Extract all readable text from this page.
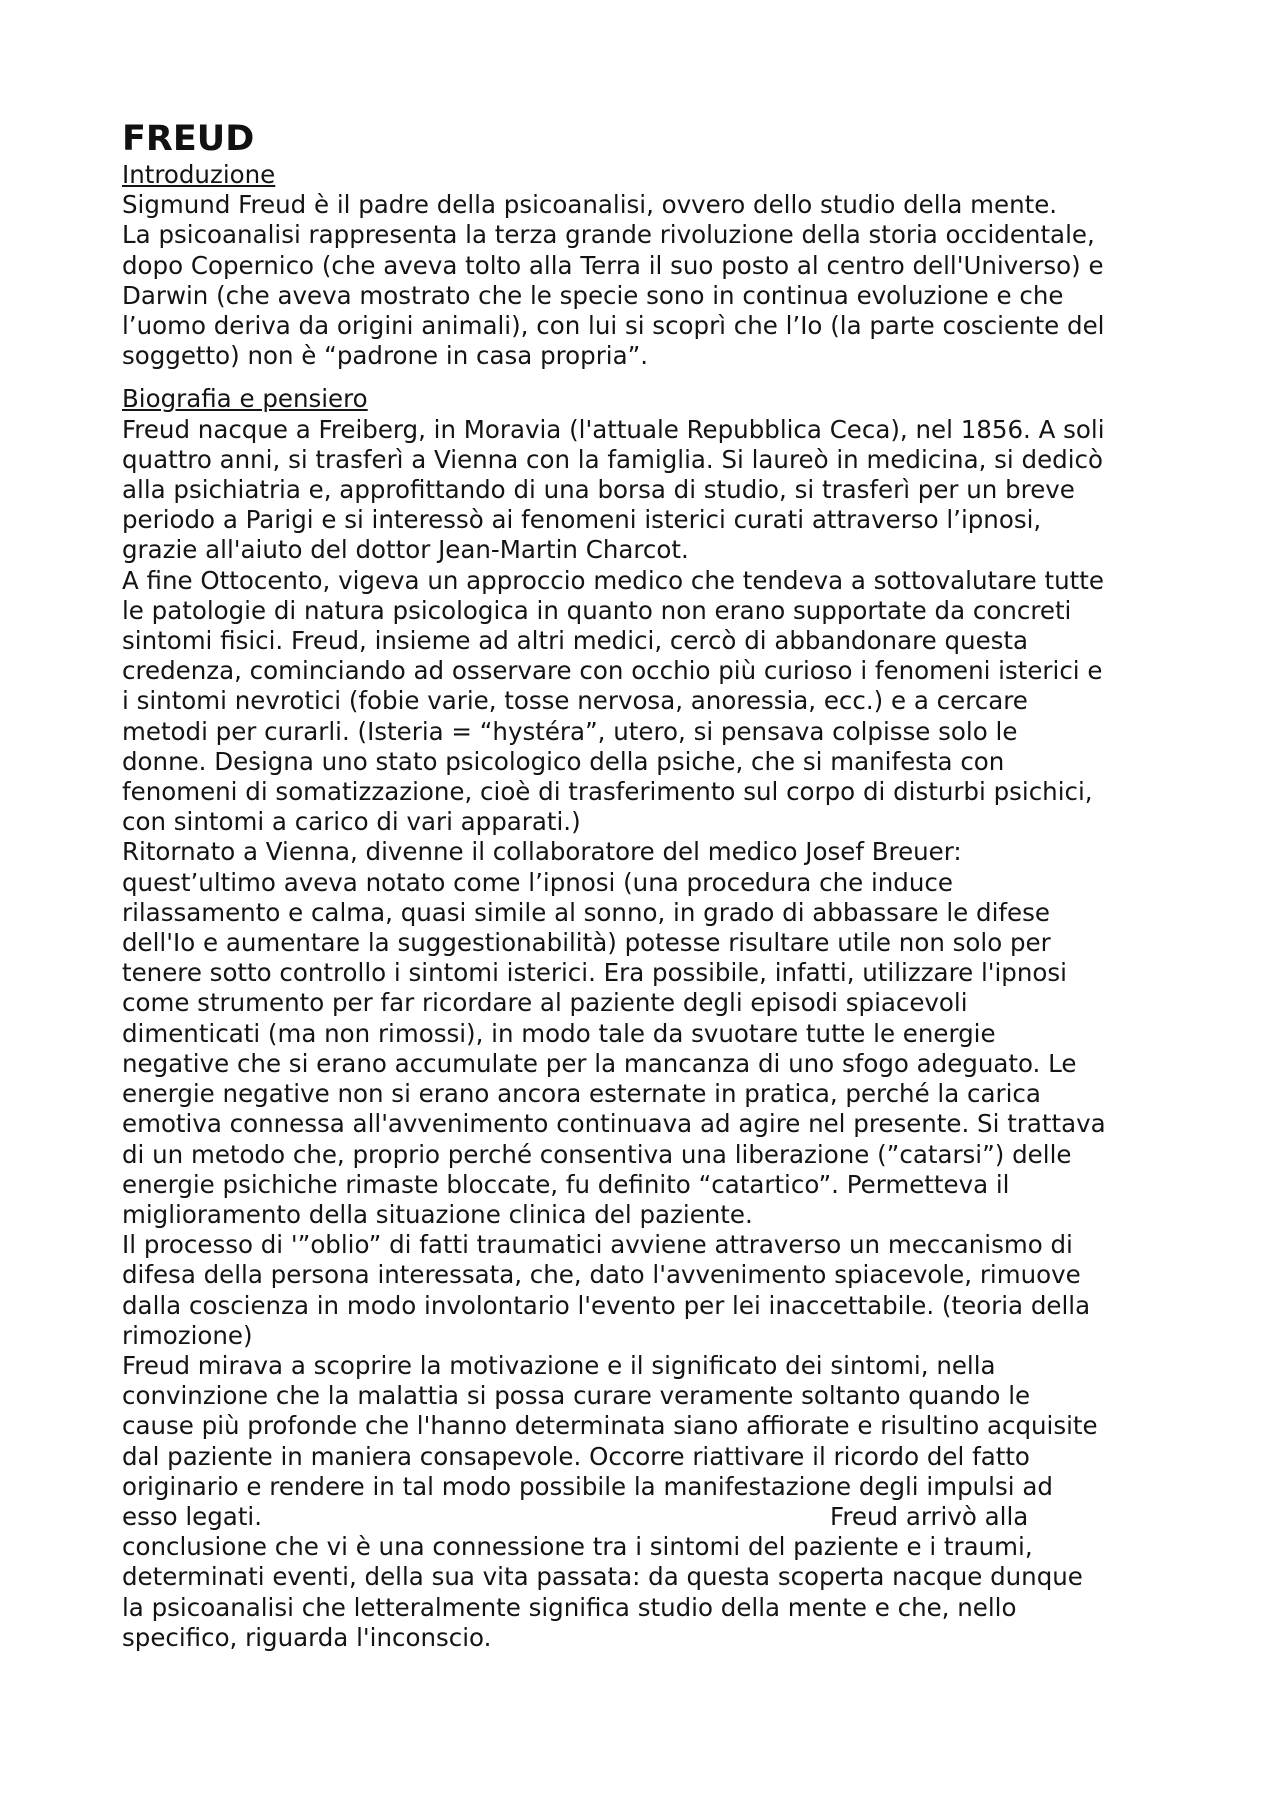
FREUD
Introduzione
Sigmund Freud è il padre della psicoanalisi, ovvero dello studio della mente.
La psicoanalisi rappresenta la terza grande rivoluzione della storia occidentale,
dopo Copernico (che aveva tolto alla Terra il suo posto al centro dell'Universo) e
Darwin (che aveva mostrato che le specie sono in continua evoluzione e che
l’uomo deriva da origini animali), con lui si scoprì che l’Io (la parte cosciente del
soggetto) non è “padrone in casa propria”.
Biografia e pensiero
Freud nacque a Freiberg, in Moravia (l'attuale Repubblica Ceca), nel 1856. A soli
quattro anni, si trasferì a Vienna con la famiglia. Si laureò in medicina, si dedicò
alla psichiatria e, approfittando di una borsa di studio, si trasferì per un breve
periodo a Parigi e si interessò ai fenomeni isterici curati attraverso l’ipnosi,
grazie all'aiuto del dottor Jean-Martin Charcot.
A fine Ottocento, vigeva un approccio medico che tendeva a sottovalutare tutte
le patologie di natura psicologica in quanto non erano supportate da concreti
sintomi fisici. Freud, insieme ad altri medici, cercò di abbandonare questa
credenza, cominciando ad osservare con occhio più curioso i fenomeni isterici e
i sintomi nevrotici (fobie varie, tosse nervosa, anoressia, ecc.) e a cercare
metodi per curarli. (Isteria = “hystéra”, utero, si pensava colpisse solo le
donne. Designa uno stato psicologico della psiche, che si manifesta con
fenomeni di somatizzazione, cioè di trasferimento sul corpo di disturbi psichici,
con sintomi a carico di vari apparati.)
Ritornato a Vienna, divenne il collaboratore del medico Josef Breuer:
quest’ultimo aveva notato come l’ipnosi (una procedura che induce
rilassamento e calma, quasi simile al sonno, in grado di abbassare le difese
dell'Io e aumentare la suggestionabilità) potesse risultare utile non solo per
tenere sotto controllo i sintomi isterici. Era possibile, infatti, utilizzare l'ipnosi
come strumento per far ricordare al paziente degli episodi spiacevoli
dimenticati (ma non rimossi), in modo tale da svuotare tutte le energie
negative che si erano accumulate per la mancanza di uno sfogo adeguato. Le
energie negative non si erano ancora esternate in pratica, perché la carica
emotiva connessa all'avvenimento continuava ad agire nel presente. Si trattava
di un metodo che, proprio perché consentiva una liberazione (”catarsi”) delle
energie psichiche rimaste bloccate, fu definito “catartico”. Permetteva il
miglioramento della situazione clinica del paziente.
Il processo di '”oblio” di fatti traumatici avviene attraverso un meccanismo di
difesa della persona interessata, che, dato l'avvenimento spiacevole, rimuove
dalla coscienza in modo involontario l'evento per lei inaccettabile. (teoria della
rimozione)
Freud mirava a scoprire la motivazione e il significato dei sintomi, nella
convinzione che la malattia si possa curare veramente soltanto quando le
cause più profonde che l'hanno determinata siano affiorate e risultino acquisite
dal paziente in maniera consapevole. Occorre riattivare il ricordo del fatto
originario e rendere in tal modo possibile la manifestazione degli impulsi ad
esso legati.	Freud arrivò alla
conclusione che vi è una connessione tra i sintomi del paziente e i traumi,
determinati eventi, della sua vita passata: da questa scoperta nacque dunque
la psicoanalisi che letteralmente significa studio della mente e che, nello
specifico, riguarda l'inconscio.
